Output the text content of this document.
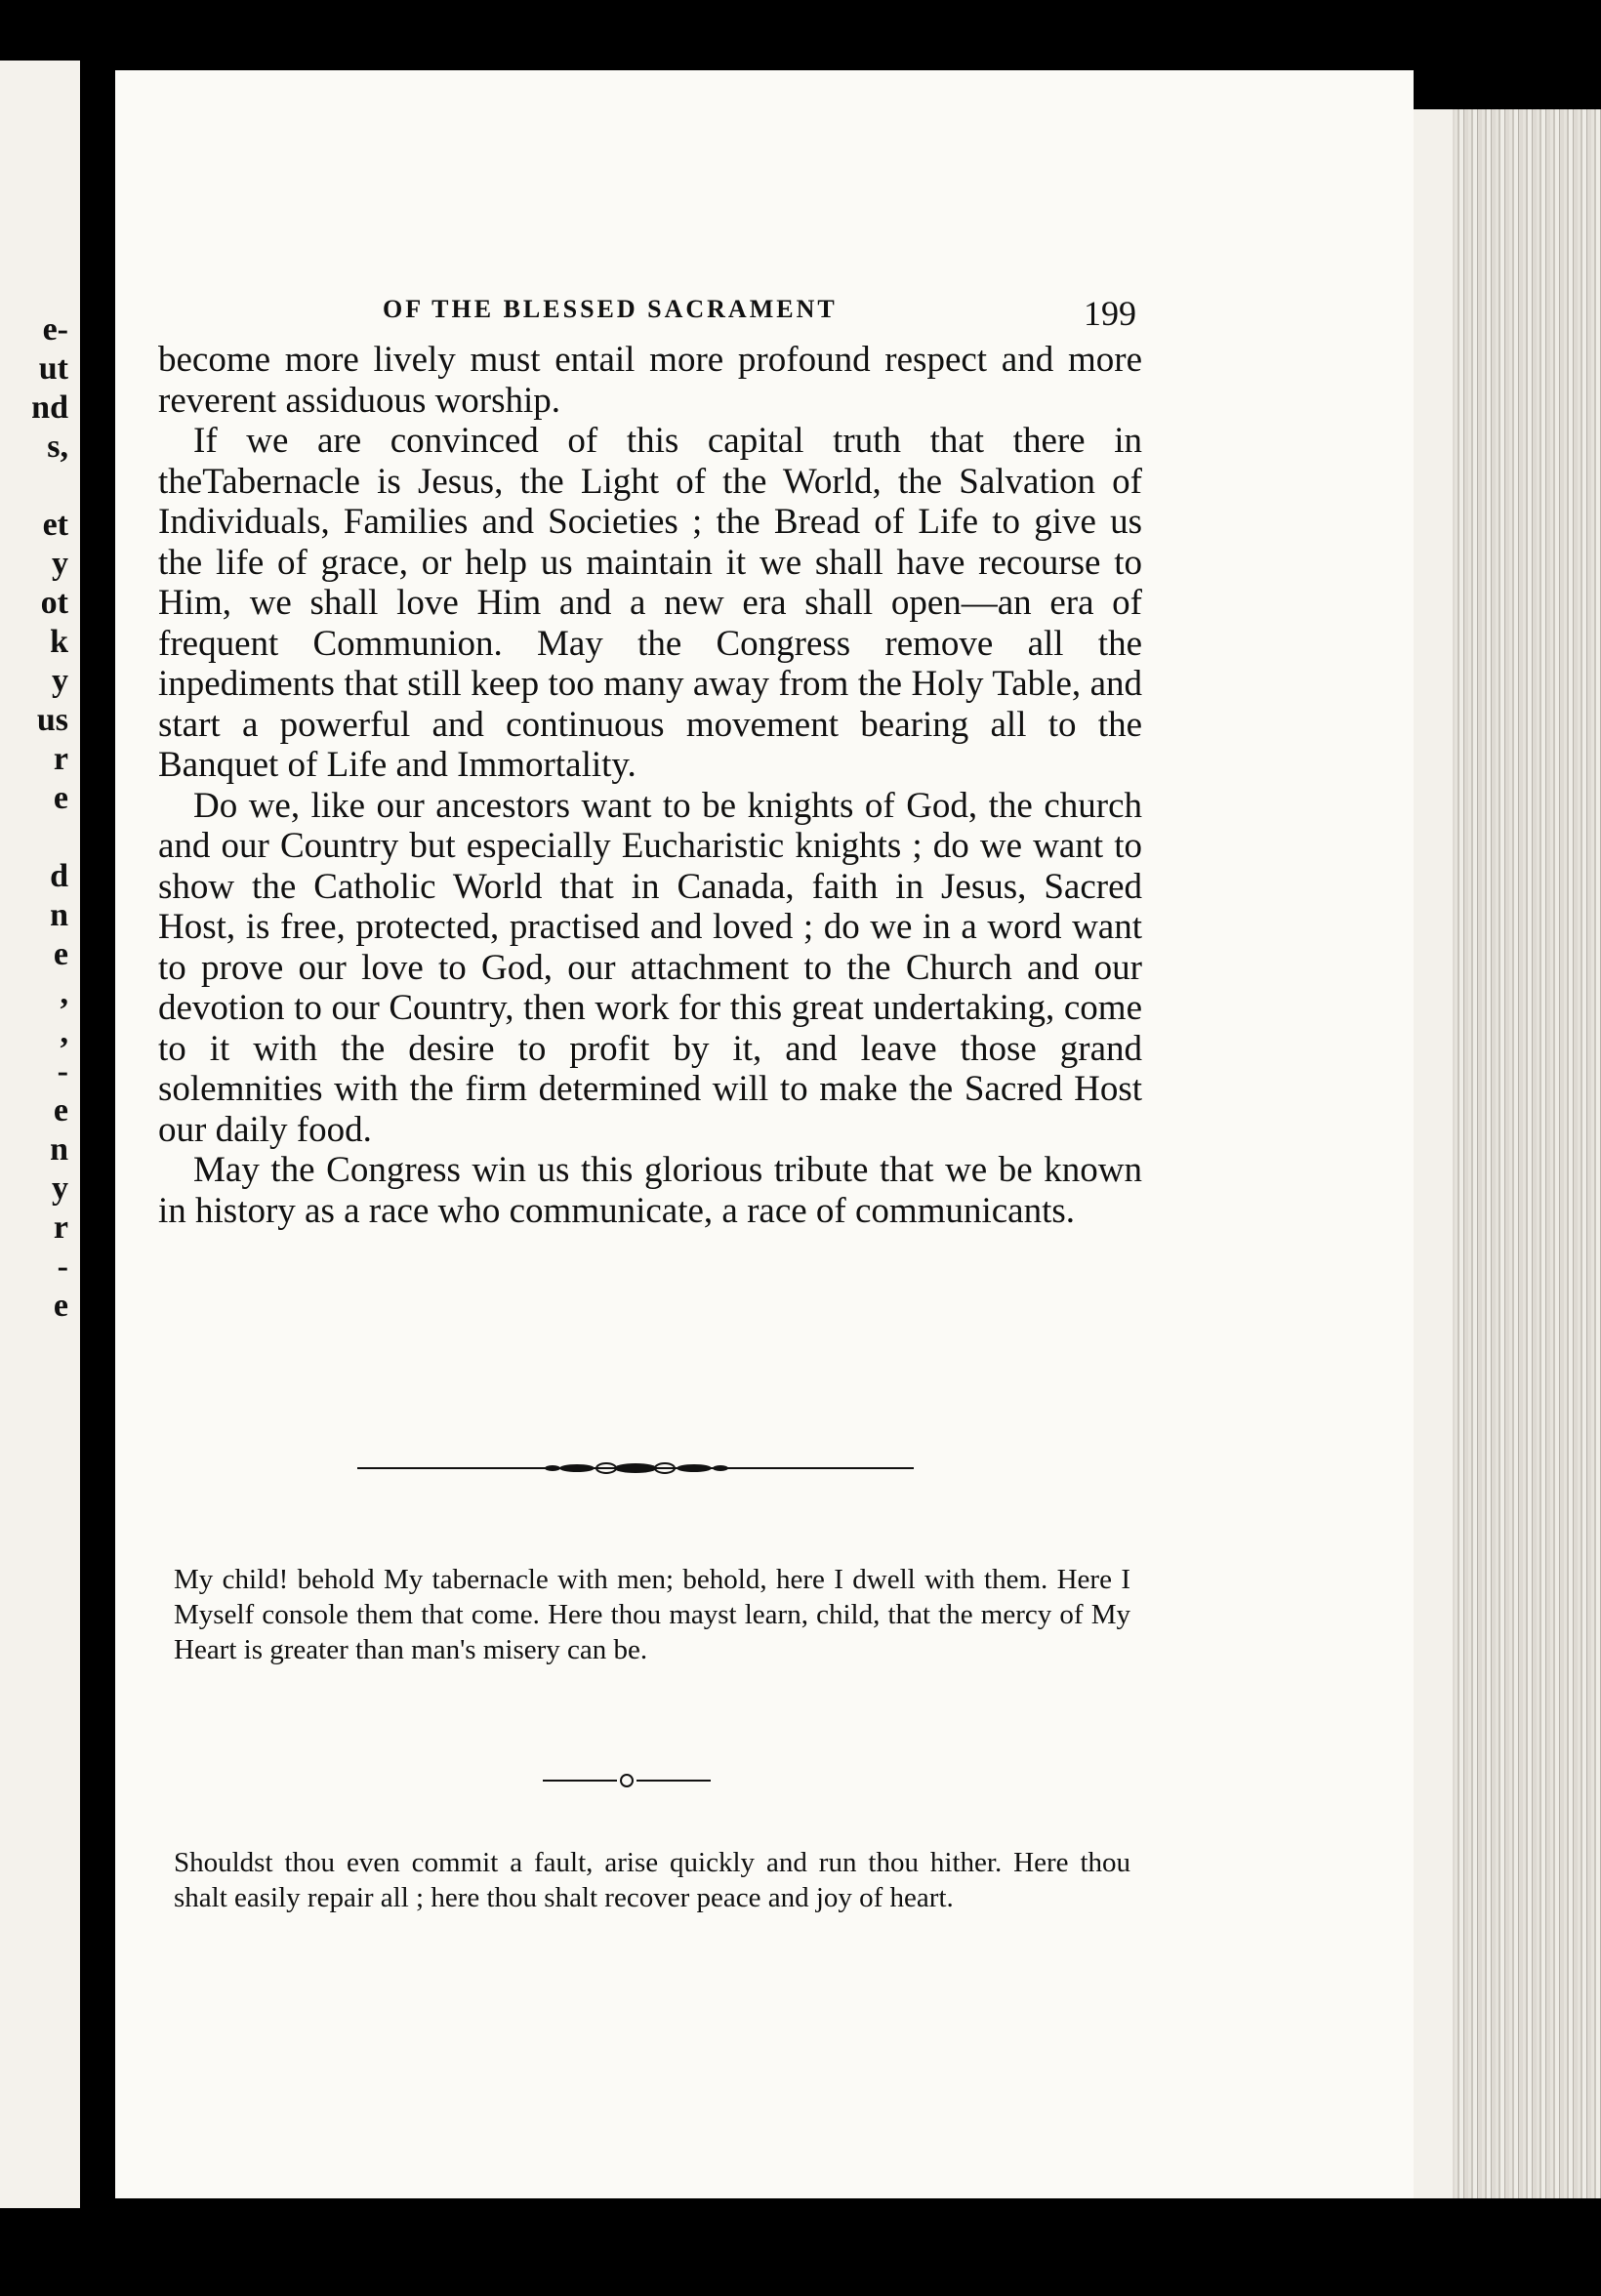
e-
ut
nd
s,
et
y
ot
k
y
us
r
e
d
n
e
,
,
-
e
n
y
r
-
e
OF THE BLESSED SACRAMENT	199

become more lively must entail more profound respect and more reverent assiduous worship.

If we are convinced of this capital truth that there in theTabernacle is Jesus, the Light of the World, the Salvation of Individuals, Families and Societies ; the Bread of Life to give us the life of grace, or help us maintain it we shall have recourse to Him, we shall love Him and a new era shall open—an era of frequent Communion. May the Congress remove all the inpediments that still keep too many away from the Holy Table, and start a powerful and continuous movement bearing all to the Banquet of Life and Immortality.

Do we, like our ancestors want to be knights of God, the church and our Country but especially Eucharistic knights ; do we want to show the Catholic World that in Canada, faith in Jesus, Sacred Host, is free, protected, practised and loved ; do we in a word want to prove our love to God, our attachment to the Church and our devotion to our Country, then work for this great undertaking, come to it with the desire to profit by it, and leave those grand solemnities with the firm determined will to make the Sacred Host our daily food.

May the Congress win us this glorious tribute that we be known in history as a race who communicate, a race of communicants.

My child! behold My tabernacle with men; behold, here I dwell with them. Here I Myself console them that come. Here thou mayst learn, child, that the mercy of My Heart is greater than man's misery can be.

Shouldst thou even commit a fault, arise quickly and run thou hither. Here thou shalt easily repair all ; here thou shalt recover peace and joy of heart.
